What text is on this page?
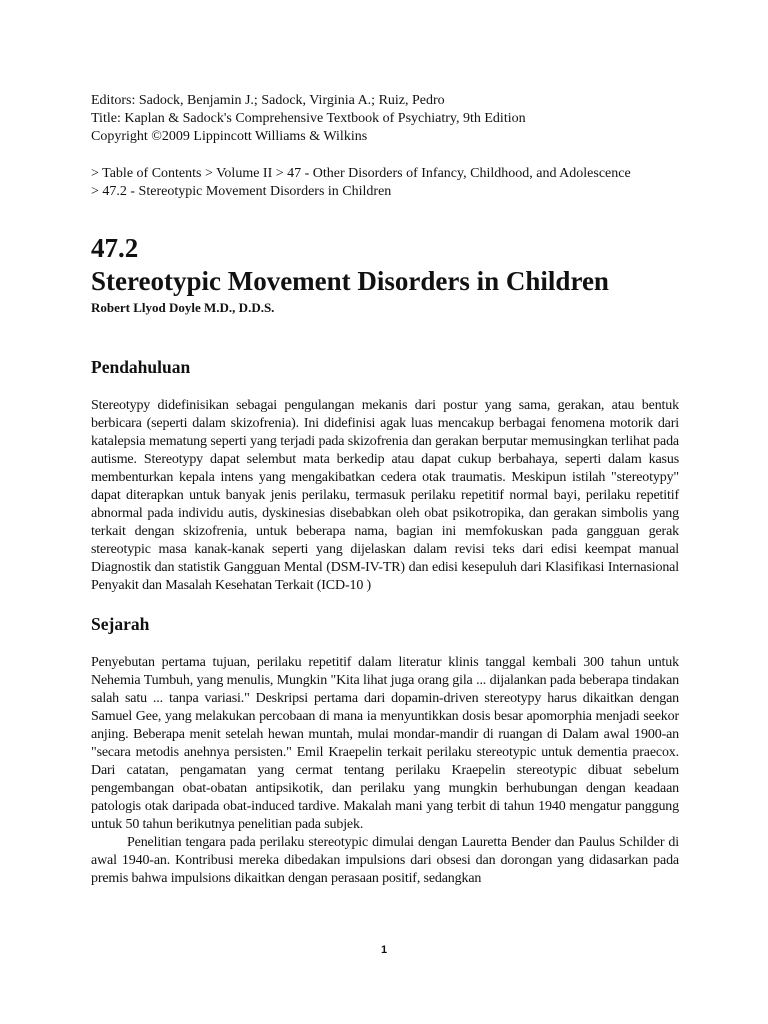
Editors: Sadock, Benjamin J.; Sadock, Virginia A.; Ruiz, Pedro

Title: Kaplan & Sadock's Comprehensive Textbook of Psychiatry, 9th Edition

Copyright ©2009 Lippincott Williams & Wilkins

> Table of Contents > Volume II > 47 - Other Disorders of Infancy, Childhood, and Adolescence

> 47.2 - Stereotypic Movement Disorders in Children

47.2
Stereotypic Movement Disorders in Children

Robert Llyod Doyle M.D., D.D.S.

Pendahuluan

Stereotypy didefinisikan sebagai pengulangan mekanis dari postur yang sama, gerakan, atau bentuk berbicara (seperti dalam skizofrenia). Ini didefinisi agak luas mencakup berbagai fenomena motorik dari katalepsia mematung seperti yang terjadi pada skizofrenia dan gerakan berputar memusingkan terlihat pada autisme. Stereotypy dapat selembut mata berkedip atau dapat cukup berbahaya, seperti dalam kasus membenturkan kepala intens yang mengakibatkan cedera otak traumatis. Meskipun istilah "stereotypy" dapat diterapkan untuk banyak jenis perilaku, termasuk perilaku repetitif normal bayi, perilaku repetitif abnormal pada individu autis, dyskinesias disebabkan oleh obat psikotropika, dan gerakan simbolis yang terkait dengan skizofrenia, untuk beberapa nama, bagian ini memfokuskan pada gangguan gerak stereotypic masa kanak-kanak seperti yang dijelaskan dalam revisi teks dari edisi keempat manual Diagnostik dan statistik Gangguan Mental (DSM-IV-TR) dan edisi kesepuluh dari Klasifikasi Internasional Penyakit dan Masalah Kesehatan Terkait (ICD-10 )

Sejarah

Penyebutan pertama tujuan, perilaku repetitif dalam literatur klinis tanggal kembali 300 tahun untuk Nehemia Tumbuh, yang menulis, Mungkin "Kita lihat juga orang gila ... dijalankan pada beberapa tindakan salah satu ... tanpa variasi." Deskripsi pertama dari dopamin-driven stereotypy harus dikaitkan dengan Samuel Gee, yang melakukan percobaan di mana ia menyuntikkan dosis besar apomorphia menjadi seekor anjing. Beberapa menit setelah hewan muntah, mulai mondar-mandir di ruangan di Dalam awal 1900-an "secara metodis anehnya persisten." Emil Kraepelin terkait perilaku stereotypic untuk dementia praecox. Dari catatan, pengamatan yang cermat tentang perilaku Kraepelin stereotypic dibuat sebelum pengembangan obat-obatan antipsikotik, dan perilaku yang mungkin berhubungan dengan keadaan patologis otak daripada obat-induced tardive. Makalah mani yang terbit di tahun 1940 mengatur panggung untuk 50 tahun berikutnya penelitian pada subjek.

Penelitian tengara pada perilaku stereotypic dimulai dengan Lauretta Bender dan Paulus Schilder di awal 1940-an. Kontribusi mereka dibedakan impulsions dari obsesi dan dorongan yang didasarkan pada premis bahwa impulsions dikaitkan dengan perasaan positif, sedangkan

1
